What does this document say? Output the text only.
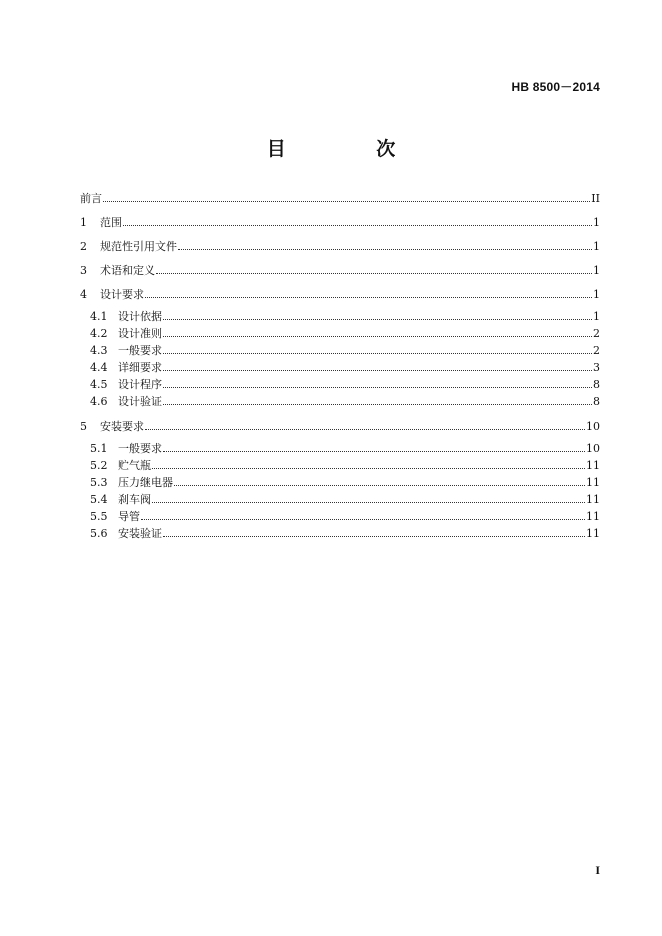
HB 8500－2014
目 次
前言	II
1	范围	1
2	规范性引用文件	1
3	术语和定义	1
4	设计要求	1
4.1 设计依据	1
4.2 设计准则	2
4.3 一般要求	2
4.4 详细要求	3
4.5 设计程序	8
4.6 设计验证	8
5	安装要求	10
5.1 一般要求	10
5.2 贮气瓶	11
5.3 压力继电器	11
5.4 刹车阀	11
5.5 导管	11
5.6 安装验证	11
I
